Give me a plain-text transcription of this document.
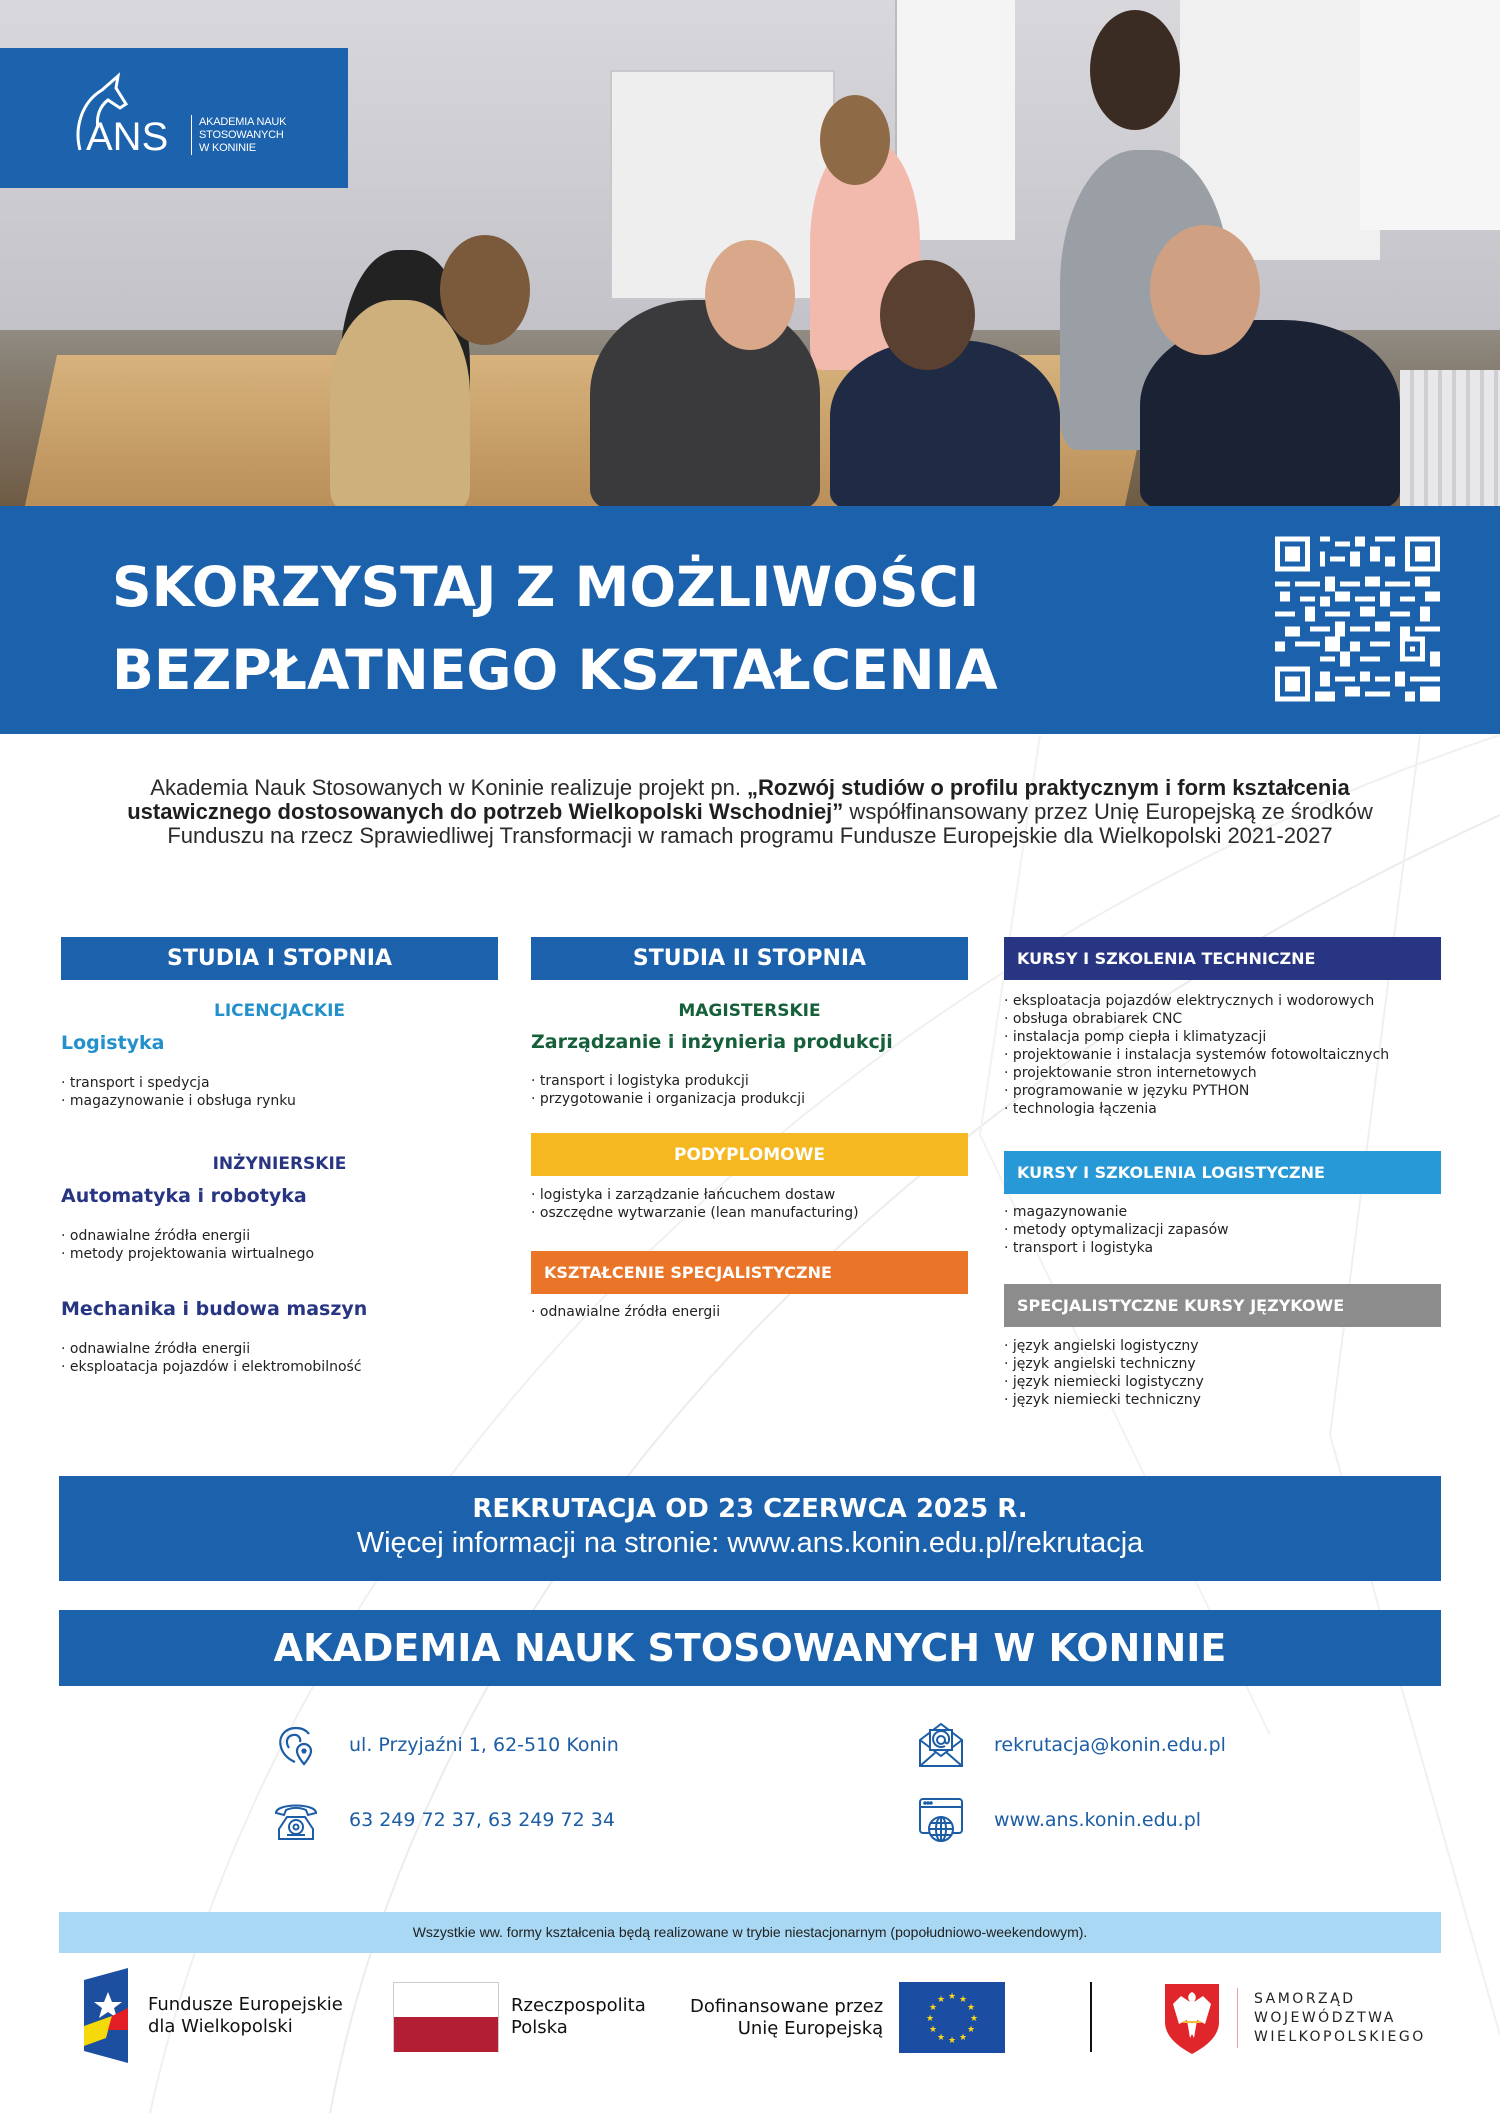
ANS	AKADEMIA NAUK
STOSOWANYCH
W KONINIE
SKORZYSTAJ Z MOŻLIWOŚCI
BEZPŁATNEGO KSZTAŁCENIA

Akademia Nauk Stosowanych w Koninie realizuje projekt pn. „Rozwój studiów o profilu praktycznym i form kształcenia ustawicznego dostosowanych do potrzeb Wielkopolski Wschodniej” współfinansowany przez Unię Europejską ze środków Funduszu na rzecz Sprawiedliwej Transformacji w ramach programu Fundusze Europejskie dla Wielkopolski 2021-2027

STUDIA I STOPNIA
LICENCJACKIE
Logistyka
· transport i spedycja
· magazynowanie i obsługa rynku
INŻYNIERSKIE
Automatyka i robotyka
· odnawialne źródła energii
· metody projektowania wirtualnego
Mechanika i budowa maszyn
· odnawialne źródła energii
· eksploatacja pojazdów i elektromobilność
STUDIA II STOPNIA
MAGISTERSKIE
Zarządzanie i inżynieria produkcji
· transport i logistyka produkcji
· przygotowanie i organizacja produkcji
PODYPLOMOWE
· logistyka i zarządzanie łańcuchem dostaw
· oszczędne wytwarzanie (lean manufacturing)
KSZTAŁCENIE SPECJALISTYCZNE
· odnawialne źródła energii
KURSY I SZKOLENIA TECHNICZNE
· eksploatacja pojazdów elektrycznych i wodorowych
· obsługa obrabiarek CNC
· instalacja pomp ciepła i klimatyzacji
· projektowanie i instalacja systemów fotowoltaicznych
· projektowanie stron internetowych
· programowanie w języku PYTHON
· technologia łączenia
KURSY I SZKOLENIA LOGISTYCZNE
· magazynowanie
· metody optymalizacji zapasów
· transport i logistyka
SPECJALISTYCZNE KURSY JĘZYKOWE
· język angielski logistyczny
· język angielski techniczny
· język niemiecki logistyczny
· język niemiecki techniczny
REKRUTACJA OD 23 CZERWCA 2025 R.
Więcej informacji na stronie: www.ans.konin.edu.pl/rekrutacja
AKADEMIA NAUK STOSOWANYCH W KONINIE
ul. Przyjaźni 1, 62-510 Konin
63 249 72 37, 63 249 72 34
rekrutacja@konin.edu.pl
www.ans.konin.edu.pl
Wszystkie ww. formy kształcenia będą realizowane w trybie niestacjonarnym (popołudniowo-weekendowym).
Fundusze Europejskie
dla Wielkopolski
Rzeczpospolita
Polska
Dofinansowane przez
Unię Europejską
★ ★
★
★
★
★
★
★
★
★
★
★	SAMORZĄD
WOJEWÓDZTWA
WIELKOPOLSKIEGO
